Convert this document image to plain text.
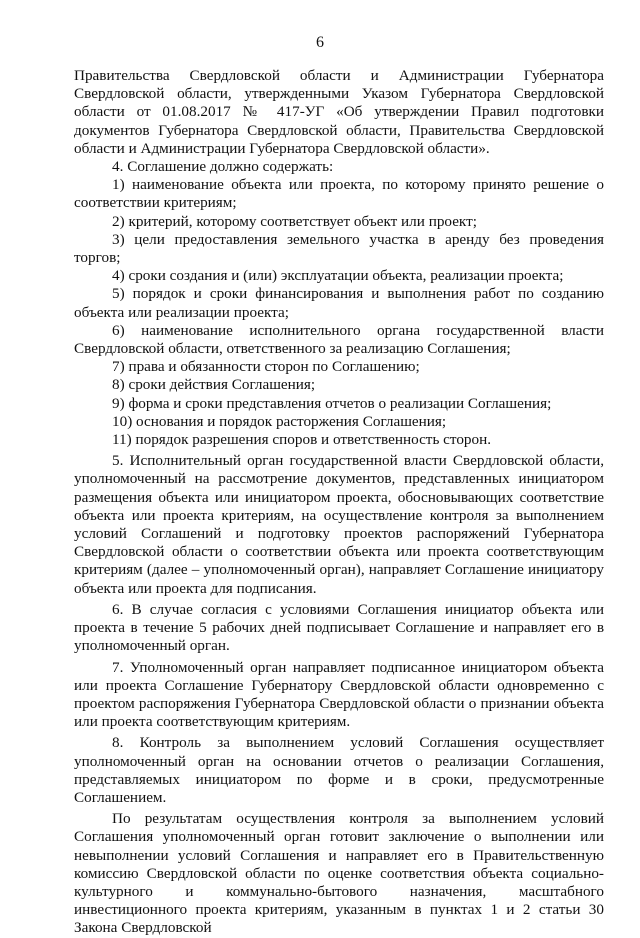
6

Правительства Свердловской области и Администрации Губернатора Свердловской области, утвержденными Указом Губернатора Свердловской области от 01.08.2017 № 417-УГ «Об утверждении Правил подготовки документов Губернатора Свердловской области, Правительства Свердловской области и Администрации Губернатора Свердловской области».

4. Соглашение должно содержать:

1) наименование объекта или проекта, по которому принято решение о соответствии критериям;

2) критерий, которому соответствует объект или проект;

3) цели предоставления земельного участка в аренду без проведения торгов;

4) сроки создания и (или) эксплуатации объекта, реализации проекта;

5) порядок и сроки финансирования и выполнения работ по созданию объекта или реализации проекта;

6) наименование исполнительного органа государственной власти Свердловской области, ответственного за реализацию Соглашения;

7) права и обязанности сторон по Соглашению;

8) сроки действия Соглашения;

9) форма и сроки представления отчетов о реализации Соглашения;

10) основания и порядок расторжения Соглашения;

11) порядок разрешения споров и ответственность сторон.

5. Исполнительный орган государственной власти Свердловской области, уполномоченный на рассмотрение документов, представленных инициатором размещения объекта или инициатором проекта, обосновывающих соответствие объекта или проекта критериям, на осуществление контроля за выполнением условий Соглашений и подготовку проектов распоряжений Губернатора Свердловской области о соответствии объекта или проекта соответствующим критериям (далее – уполномоченный орган), направляет Соглашение инициатору объекта или проекта для подписания.

6. В случае согласия с условиями Соглашения инициатор объекта или проекта в течение 5 рабочих дней подписывает Соглашение и направляет его в уполномоченный орган.

7. Уполномоченный орган направляет подписанное инициатором объекта или проекта Соглашение Губернатору Свердловской области одновременно с проектом распоряжения Губернатора Свердловской области о признании объекта или проекта соответствующим критериям.

8. Контроль за выполнением условий Соглашения осуществляет уполномоченный орган на основании отчетов о реализации Соглашения, представляемых инициатором по форме и в сроки, предусмотренные Соглашением.

По результатам осуществления контроля за выполнением условий Соглашения уполномоченный орган готовит заключение о выполнении или невыполнении условий Соглашения и направляет его в Правительственную комиссию Свердловской области по оценке соответствия объекта социально-культурного и коммунально-бытового назначения, масштабного инвестиционного проекта критериям, указанным в пунктах 1 и 2 статьи 30 Закона Свердловской
